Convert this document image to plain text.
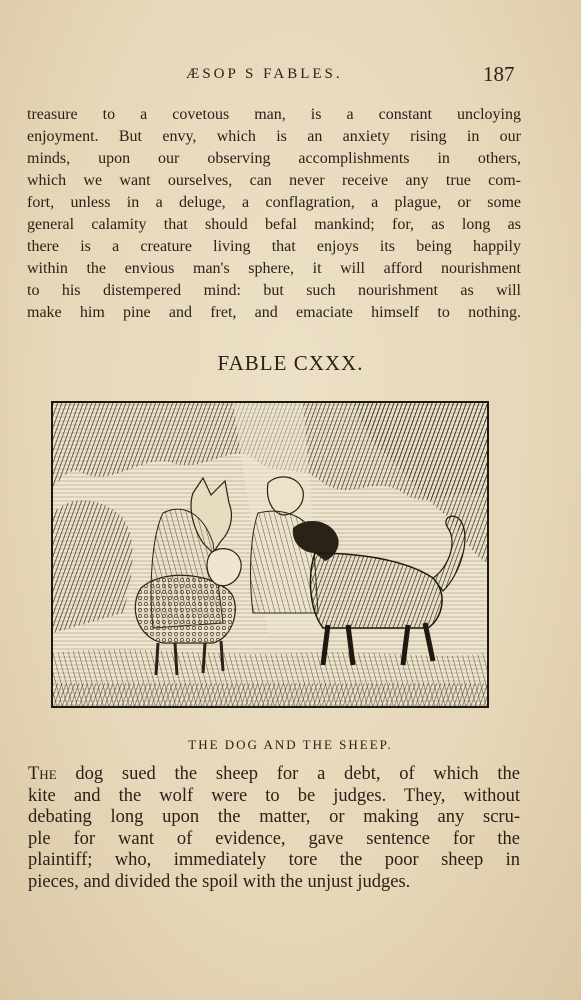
ÆSOP S FABLES.	187
treasure to a covetous man, is a constant uncloying
enjoyment. But envy, which is an anxiety rising in our
minds, upon our observing accomplishments in others,
which we want ourselves, can never receive any true com-
fort, unless in a deluge, a conflagration, a plague, or some
general calamity that should befal mankind; for, as long as
there is a creature living that enjoys its being happily
within the envious man's sphere, it will afford nourishment
to his distempered mind: but such nourishment as will
make him pine and fret, and emaciate himself to nothing.
FABLE CXXX.
THE DOG AND THE SHEEP.
The dog sued the sheep for a debt, of which the
kite and the wolf were to be judges. They, without
debating long upon the matter, or making any scru-
ple for want of evidence, gave sentence for the
plaintiff; who, immediately tore the poor sheep in
pieces, and divided the spoil with the unjust judges.
